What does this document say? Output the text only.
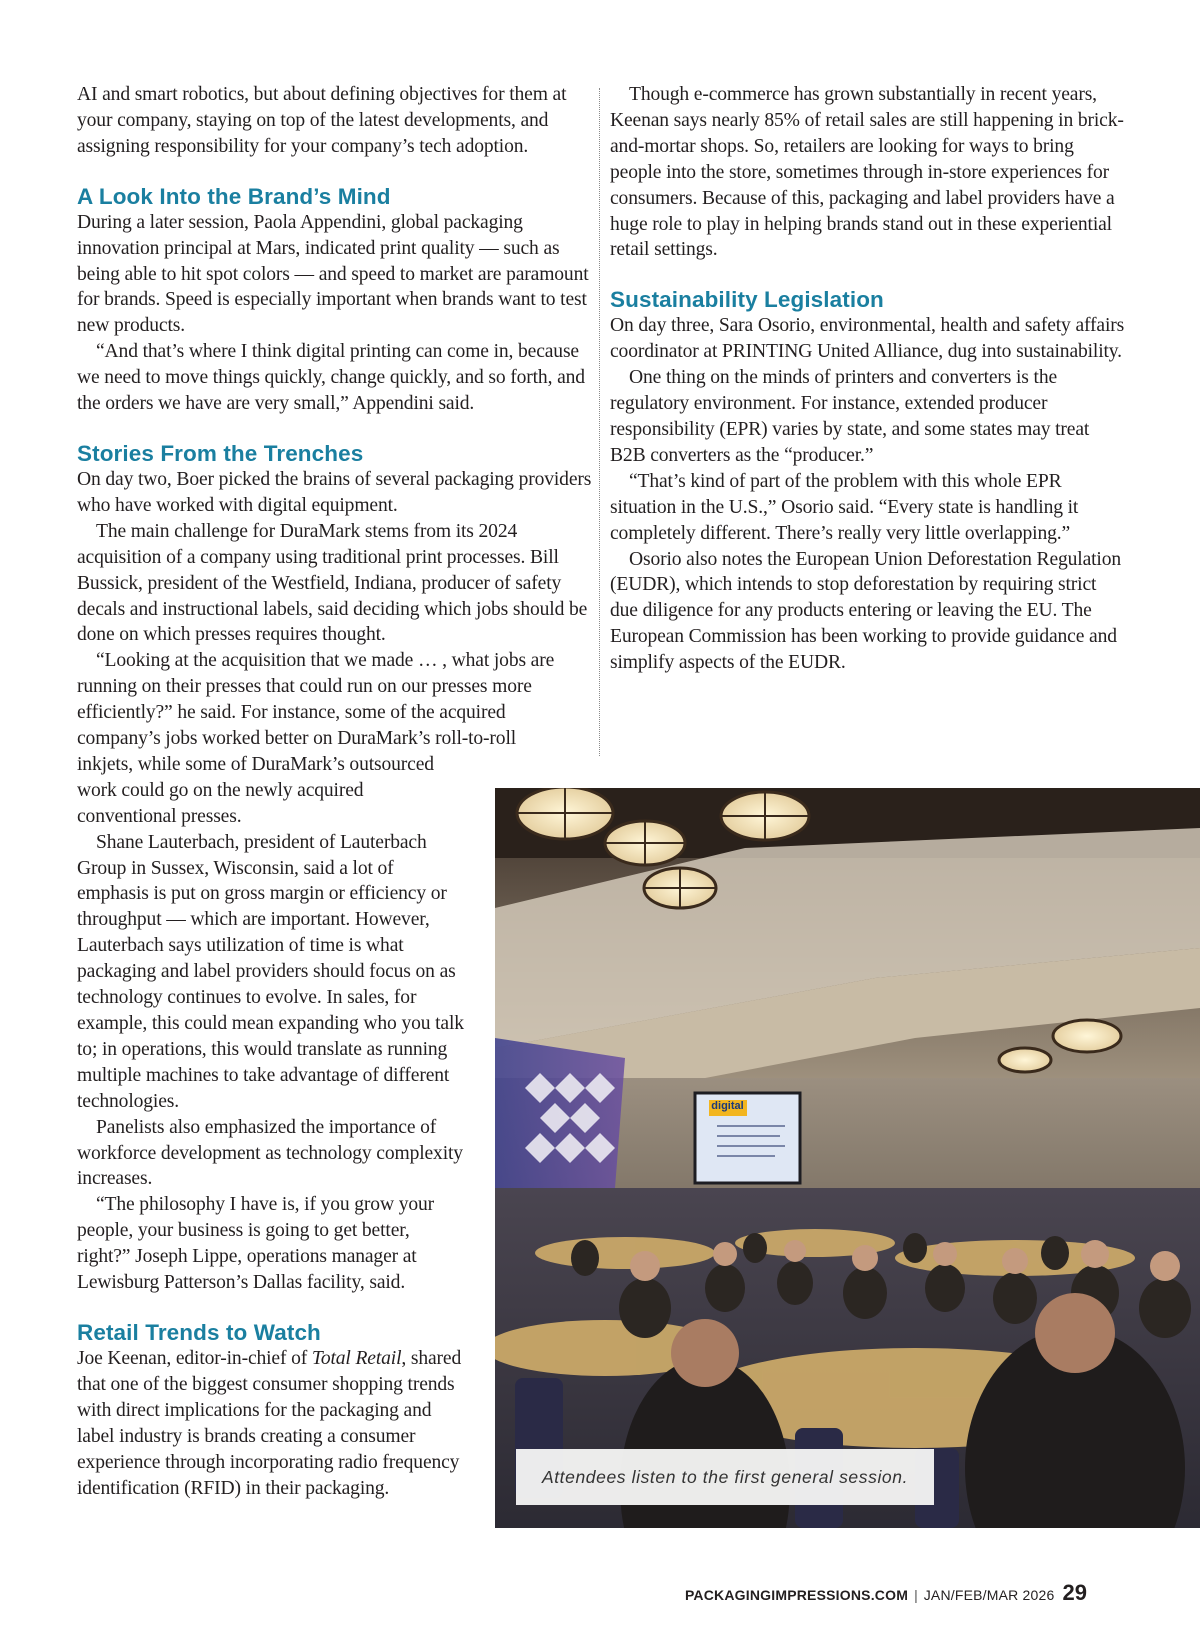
AI and smart robotics, but about defining objectives for them at your company, staying on top of the latest developments, and assigning responsibility for your company’s tech adoption.

A Look Into the Brand’s Mind

During a later session, Paola Appendini, global packaging innovation principal at Mars, indicated print quality — such as being able to hit spot colors — and speed to market are paramount for brands. Speed is especially important when brands want to test new products.

“And that’s where I think digital printing can come in, because we need to move things quickly, change quickly, and so forth, and the orders we have are very small,” Appendini said.

Stories From the Trenches

On day two, Boer picked the brains of several packaging providers who have worked with digital equipment.

The main challenge for DuraMark stems from its 2024 acquisition of a company using traditional print processes. Bill Bussick, president of the Westfield, Indiana, producer of safety decals and instructional labels, said deciding which jobs should be done on which presses requires thought.

“Looking at the acquisition that we made … , what jobs are running on their presses that could run on our presses more efficiently?” he said. For instance, some of the acquired company’s jobs worked better on DuraMark’s roll-to-roll

inkjets, while some of DuraMark’s outsourced work could go on the newly acquired conventional presses.

Shane Lauterbach, president of Lauterbach Group in Sussex, Wisconsin, said a lot of emphasis is put on gross margin or efficiency or throughput — which are important. However, Lauterbach says utilization of time is what packaging and label providers should focus on as technology continues to evolve. In sales, for example, this could mean expanding who you talk to; in operations, this would translate as running multiple machines to take advantage of different technologies.

Panelists also emphasized the importance of workforce development as technology complexity increases.

“The philosophy I have is, if you grow your people, your business is going to get better, right?” Joseph Lippe, operations manager at Lewisburg Patterson’s Dallas facility, said.

Retail Trends to Watch

Joe Keenan, editor-in-chief of Total Retail, shared that one of the biggest consumer shopping trends with direct implications for the packaging and label industry is brands creating a consumer experience through incorporating radio frequency identification (RFID) in their packaging.

Though e-commerce has grown substantially in recent years, Keenan says nearly 85% of retail sales are still happening in brick-and-mortar shops. So, retailers are looking for ways to bring people into the store, sometimes through in-store experiences for consumers. Because of this, packaging and label providers have a huge role to play in helping brands stand out in these experiential retail settings.

Sustainability Legislation

On day three, Sara Osorio, environmental, health and safety affairs coordinator at PRINTING United Alliance, dug into sustainability.

One thing on the minds of printers and converters is the regulatory environment. For instance, extended producer responsibility (EPR) varies by state, and some states may treat B2B converters as the “producer.”

“That’s kind of part of the problem with this whole EPR situation in the U.S.,” Osorio said. “Every state is handling it completely different. There’s really very little overlapping.”

Osorio also notes the European Union Deforestation Regulation (EUDR), which intends to stop deforestation by requiring strict due diligence for any products entering or leaving the EU. The European Commission has been working to provide guidance and simplify aspects of the EUDR.

digital
Attendees listen to the first general session.
PACKAGINGIMPRESSIONS.COM | JAN/FEB/MAR 2026 29
